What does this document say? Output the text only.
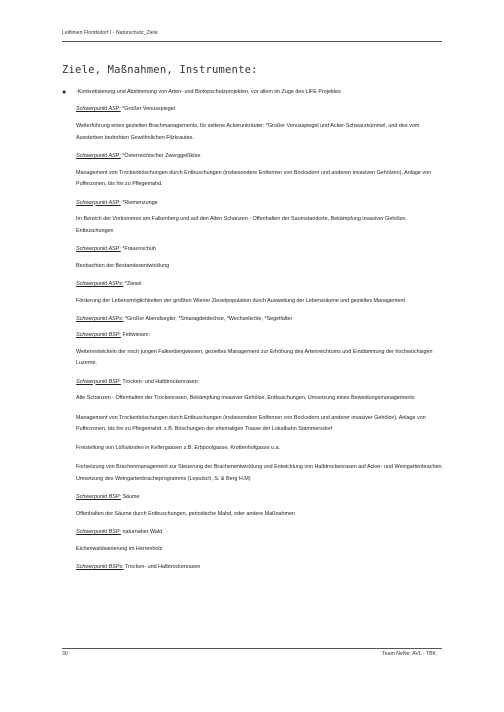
Leitlinien Floridsdorf I - Naturschutz_Ziele
Ziele, Maßnahmen, Instrumente:
● -Konkretisierung und Abstimmung von Arten- und Biotopschutzprojekten, vor allem im Zuge des LIFE Projektes
Schwerpunkt ASP: *Großer Venusspiegel
Weiterführung eines gezielten Brachmanagements, für seltene Ackerunkräuter: *Großer Venusspiegel und Acker-Schwarzkümmel, und des vom Aussterben bedrohten Gewöhnlichen Filzkrautes.
Schwerpunkt ASP: *Österreichischer Zwerggeißklee
Management von Trockenböschungen durch Entbuschungen (insbesondere Entfernen von Bocksdorn und anderen invasiven Gehölzen), Anlage von Pufferzonen, bis hin zu Pflegemahd.
Schwerpunkt ASP: *Riemenzunge
Im Bereich der Vorkommen am Falkenberg und auf den Alten Schanzen - Offenhalten der Saumstandorte, Bekämpfung invasiver Gehölze, Entbuschungen
Schwerpunkt ASP: *Frauenschuh
Beobachten der Bestandesentwicklung
Schwerpunkt ASPs: *Ziesel
Förderung der Lebensmöglichkeiten der größten Wiener Zieselpopulation durch Ausweitung der Lebensräume und gezieltes Management
Schwerpunkt ASPs: *Großer Abendsegler, *Smaragdeidechse, *Wechselkröte, *Segelfalter
Schwerpunkt BSP: Fettwiesen:
Weiterentwickeln der noch jungen Falkenbergwiesen, gezieltes Management zur Erhöhung des Artenreichtums und Eindämmung der hochwüchsigen Luzerne.
Schwerpunkt BSP: Trocken- und Halbtrockenrasen:
Alte Schanzen - Offenhalten der Trockenrasen, Bekämpfung invasiver Gehölze, Entbuschungen, Umsetzung eines Beweidungsmanagements
Management von Trockenböschungen durch Entbuschungen (insbesondere Entfernen von Bocksdorn und anderer invasiver Gehölze), Anlage von Pufferzonen, bis hin zu Pflegemahd; z.B. Böschungen der ehemaligen Trasse der Lokalbahn Stammersdorf
Freistellung von Lößwänden in Kellergassen z.B. Erbpoolgasse, Krottenhofgasse u.a.
Fortsetzung von Brachenmanagement zur Steuerung der Brachenentwicklung und Entwicklung von Halbtrockenrasen auf Acker- und Weingartenbrachen. Umsetzung des Weingartenbracheprogramms (Leputsch, S. & Berg H.M)
Schwerpunkt BSP: Säume
Offenhalten der Säume durch Entbuschungen, periodische Mahd, oder andere Maßnahmen
Schwerpunkt BSP: naturnaher Wald
Eichenwaldsanierung im Herrenholz
Schwerpunkt BSPs: Trocken- und Halbtrockenrasen
30	Team NeNe: AVL - TBK
